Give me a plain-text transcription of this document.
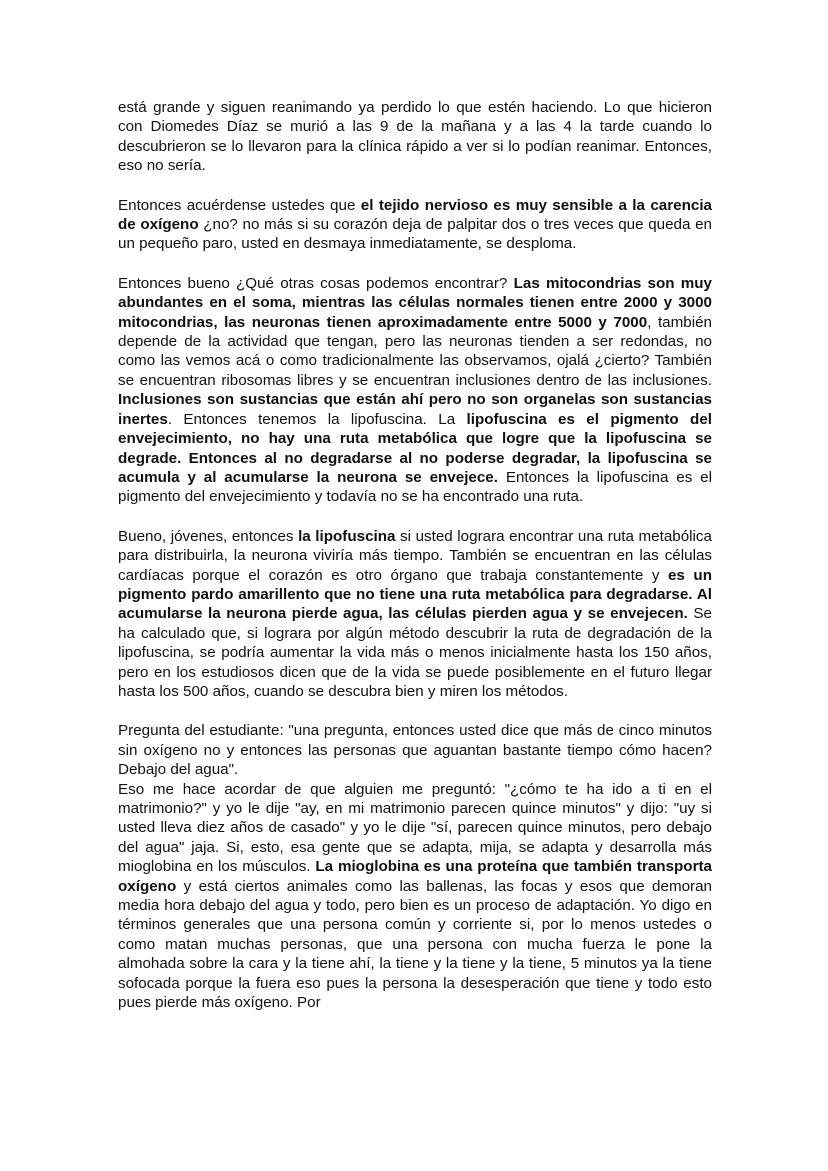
está grande y siguen reanimando ya perdido lo que estén haciendo. Lo que hicieron con Diomedes Díaz se murió a las 9 de la mañana y a las 4 la tarde cuando lo descubrieron se lo llevaron para la clínica rápido a ver si lo podían reanimar. Entonces, eso no sería.

Entonces acuérdense ustedes que el tejido nervioso es muy sensible a la carencia de oxígeno ¿no? no más si su corazón deja de palpitar dos o tres veces que queda en un pequeño paro, usted en desmaya inmediatamente, se desploma.

Entonces bueno ¿Qué otras cosas podemos encontrar? Las mitocondrias son muy abundantes en el soma, mientras las células normales tienen entre 2000 y 3000 mitocondrias, las neuronas tienen aproximadamente entre 5000 y 7000, también depende de la actividad que tengan, pero las neuronas tienden a ser redondas, no como las vemos acá o como tradicionalmente las observamos, ojalá ¿cierto? También se encuentran ribosomas libres y se encuentran inclusiones dentro de las inclusiones. Inclusiones son sustancias que están ahí pero no son organelas son sustancias inertes. Entonces tenemos la lipofuscina. La lipofuscina es el pigmento del envejecimiento, no hay una ruta metabólica que logre que la lipofuscina se degrade. Entonces al no degradarse al no poderse degradar, la lipofuscina se acumula y al acumularse la neurona se envejece. Entonces la lipofuscina es el pigmento del envejecimiento y todavía no se ha encontrado una ruta.

Bueno, jóvenes, entonces la lipofuscina si usted lograra encontrar una ruta metabólica para distribuirla, la neurona viviría más tiempo. También se encuentran en las células cardíacas porque el corazón es otro órgano que trabaja constantemente y es un pigmento pardo amarillento que no tiene una ruta metabólica para degradarse. Al acumularse la neurona pierde agua, las células pierden agua y se envejecen. Se ha calculado que, si lograra por algún método descubrir la ruta de degradación de la lipofuscina, se podría aumentar la vida más o menos inicialmente hasta los 150 años, pero en los estudiosos dicen que de la vida se puede posiblemente en el futuro llegar hasta los 500 años, cuando se descubra bien y miren los métodos.

Pregunta del estudiante: "una pregunta, entonces usted dice que más de cinco minutos sin oxígeno no y entonces las personas que aguantan bastante tiempo cómo hacen? Debajo del agua".

Eso me hace acordar de que alguien me preguntó: "¿cómo te ha ido a ti en el matrimonio?" y yo le dije "ay, en mi matrimonio parecen quince minutos" y dijo: "uy si usted lleva diez años de casado" y yo le dije "sí, parecen quince minutos, pero debajo del agua" jaja. Si, esto, esa gente que se adapta, mija, se adapta y desarrolla más mioglobina en los músculos. La mioglobina es una proteína que también transporta oxígeno y está ciertos animales como las ballenas, las focas y esos que demoran media hora debajo del agua y todo, pero bien es un proceso de adaptación. Yo digo en términos generales que una persona común y corriente si, por lo menos ustedes o como matan muchas personas, que una persona con mucha fuerza le pone la almohada sobre la cara y la tiene ahí, la tiene y la tiene y la tiene, 5 minutos ya la tiene sofocada porque la fuera eso pues la persona la desesperación que tiene y todo esto pues pierde más oxígeno. Por
